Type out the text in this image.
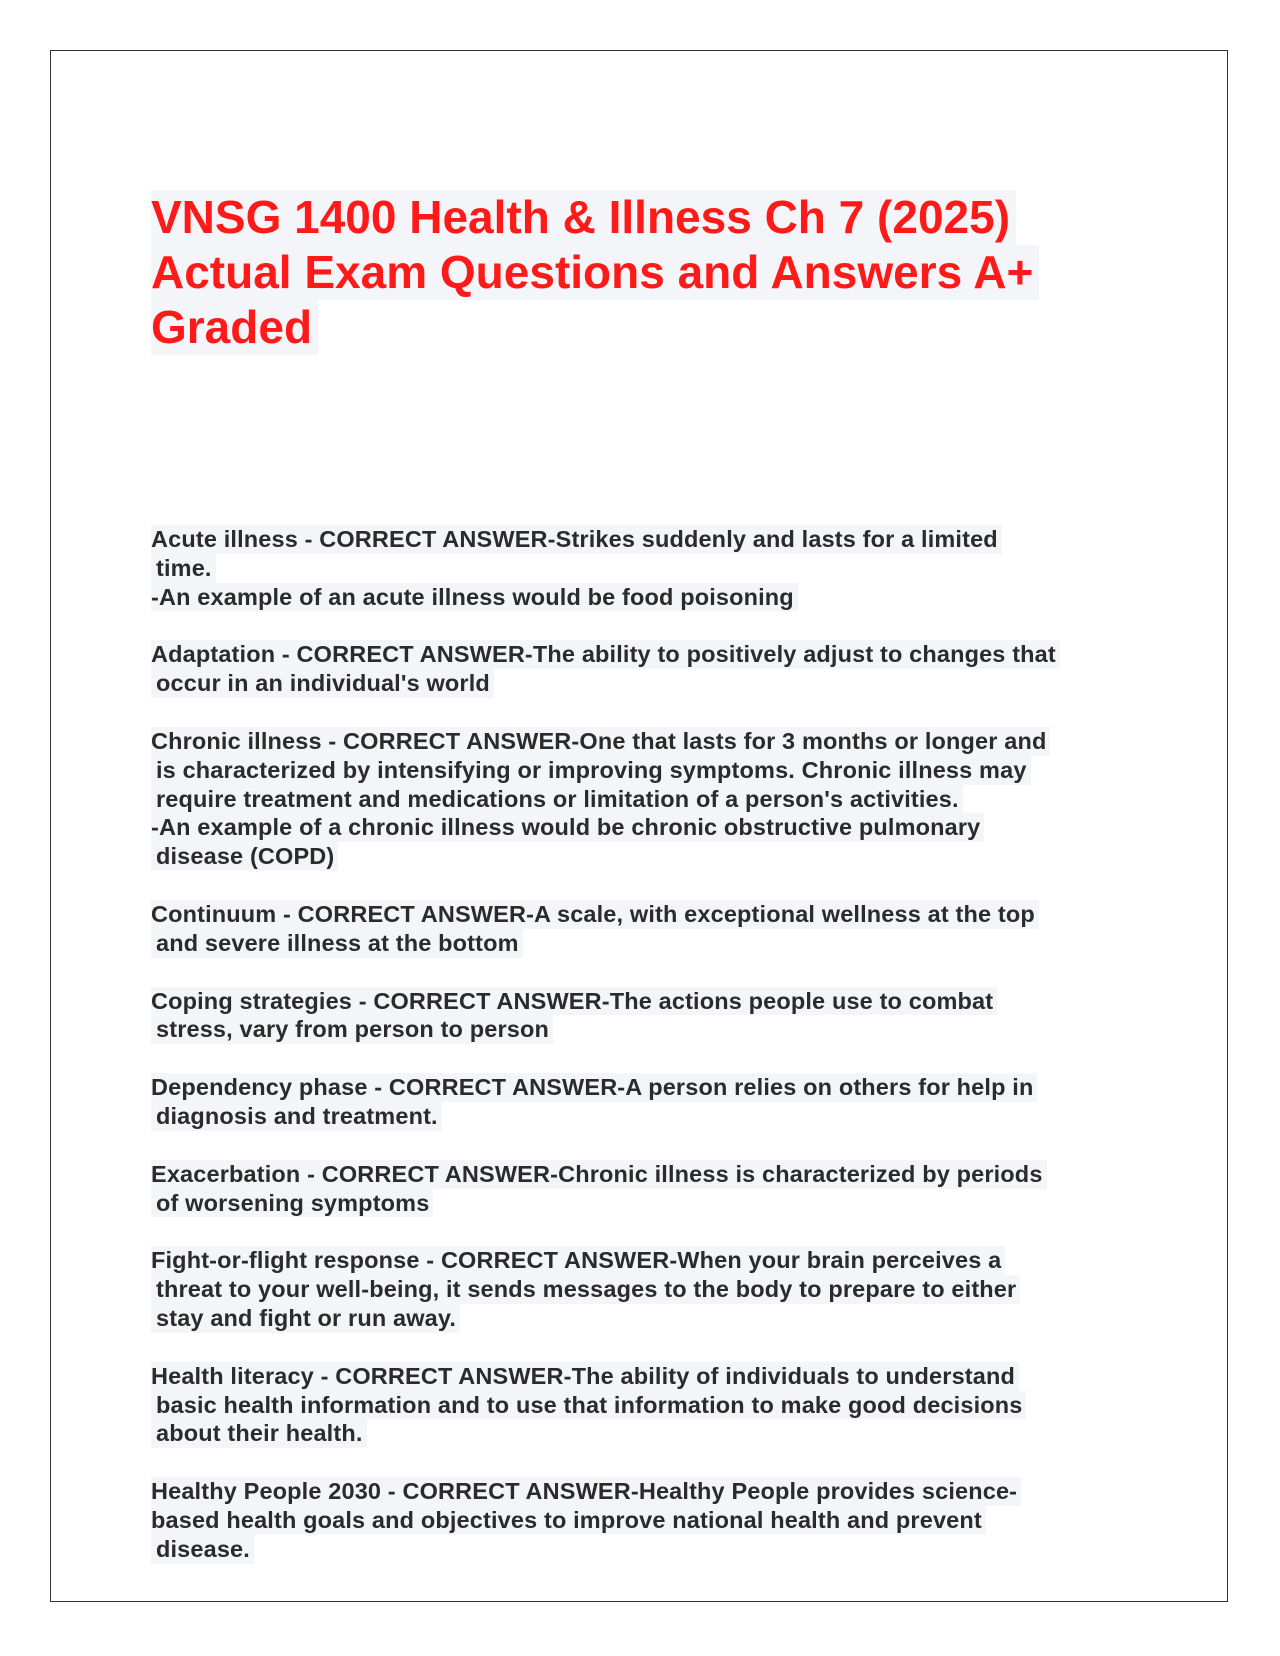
VNSG 1400 Health & Illness Ch 7 (2025)
Actual Exam Questions and Answers A+
Graded
Acute illness - CORRECT ANSWER-Strikes suddenly and lasts for a limited
time.
-An example of an acute illness would be food poisoning
Adaptation - CORRECT ANSWER-The ability to positively adjust to changes that
occur in an individual's world
Chronic illness - CORRECT ANSWER-One that lasts for 3 months or longer and
is characterized by intensifying or improving symptoms. Chronic illness may
require treatment and medications or limitation of a person's activities.
-An example of a chronic illness would be chronic obstructive pulmonary
disease (COPD)
Continuum - CORRECT ANSWER-A scale, with exceptional wellness at the top
and severe illness at the bottom
Coping strategies - CORRECT ANSWER-The actions people use to combat
stress, vary from person to person
Dependency phase - CORRECT ANSWER-A person relies on others for help in
diagnosis and treatment.
Exacerbation - CORRECT ANSWER-Chronic illness is characterized by periods
of worsening symptoms
Fight-or-flight response - CORRECT ANSWER-When your brain perceives a
threat to your well-being, it sends messages to the body to prepare to either
stay and fight or run away.
Health literacy - CORRECT ANSWER-The ability of individuals to understand
basic health information and to use that information to make good decisions
about their health.
Healthy People 2030 - CORRECT ANSWER-Healthy People provides science-
based health goals and objectives to improve national health and prevent
disease.
